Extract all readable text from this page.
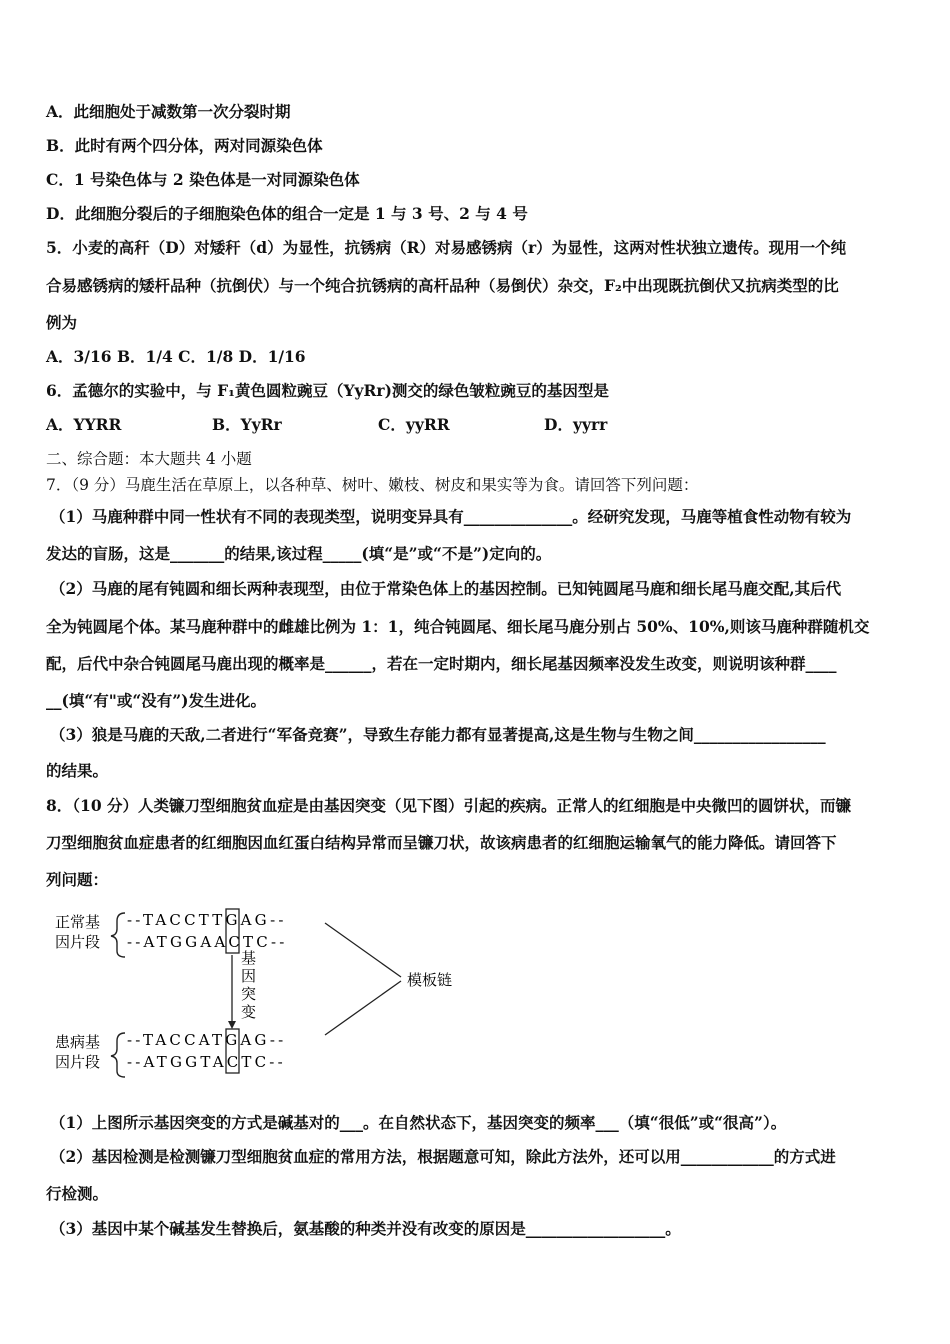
A．此细胞处于减数第一次分裂时期
B．此时有两个四分体，两对同源染色体
C．1 号染色体与 2 染色体是一对同源染色体
D．此细胞分裂后的子细胞染色体的组合一定是 1 与 3 号、2 与 4 号
5．小麦的高秆（D）对矮秆（d）为显性，抗锈病（R）对易感锈病（r）为显性，这两对性状独立遗传。现用一个纯
合易感锈病的矮杆品种（抗倒伏）与一个纯合抗锈病的高杆品种（易倒伏）杂交，F₂中出现既抗倒伏又抗病类型的比
例为
A．3/16 B．1/4 C．1/8 D．1/16
6．孟德尔的实验中，与 F₁黄色圆粒豌豆（YyRr)测交的绿色皱粒豌豆的基因型是
A．YYRR	B．YyRr	C．yyRR	D．yyrr
二、综合题：本大题共 4 小题
7．（9 分）马鹿生活在草原上，以各种草、树叶、嫩枝、树皮和果实等为食。请回答下列问题：
（1）马鹿种群中同一性状有不同的表现类型，说明变异具有______________。经研究发现，马鹿等植食性动物有较为
发达的盲肠，这是_______的结果,该过程_____(填“是”或“不是”)定向的。
（2）马鹿的尾有钝圆和细长两种表现型，由位于常染色体上的基因控制。已知钝圆尾马鹿和细长尾马鹿交配,其后代
全为钝圆尾个体。某马鹿种群中的雌雄比例为 1：1，纯合钝圆尾、细长尾马鹿分别占 50%、10%,则该马鹿种群随机交
配，后代中杂合钝圆尾马鹿出现的概率是______，若在一定时期内，细长尾基因频率没发生改变，则说明该种群____
__(填“有"或“没有”)发生进化。
（3）狼是马鹿的天敌,二者进行“军备竞赛”，导致生存能力都有显著提高,这是生物与生物之间_________________
的结果。
8．（10 分）人类镰刀型细胞贫血症是由基因突变（见下图）引起的疾病。正常人的红细胞是中央微凹的圆饼状，而镰
刀型细胞贫血症患者的红细胞因血红蛋白结构异常而呈镰刀状，故该病患者的红细胞运输氧气的能力降低。请回答下
列问题：
正常基
因片段
--TACCTTGAG--
--ATGGAACTC--
基
因
突
变
模板链
患病基
因片段
--TACCATGAG--
--ATGGTACTC--
（1）上图所示基因突变的方式是碱基对的___。在自然状态下，基因突变的频率___（填“很低”或“很高”）。
（2）基因检测是检测镰刀型细胞贫血症的常用方法，根据题意可知，除此方法外，还可以用____________的方式进
行检测。
（3）基因中某个碱基发生替换后，氨基酸的种类并没有改变的原因是__________________。
